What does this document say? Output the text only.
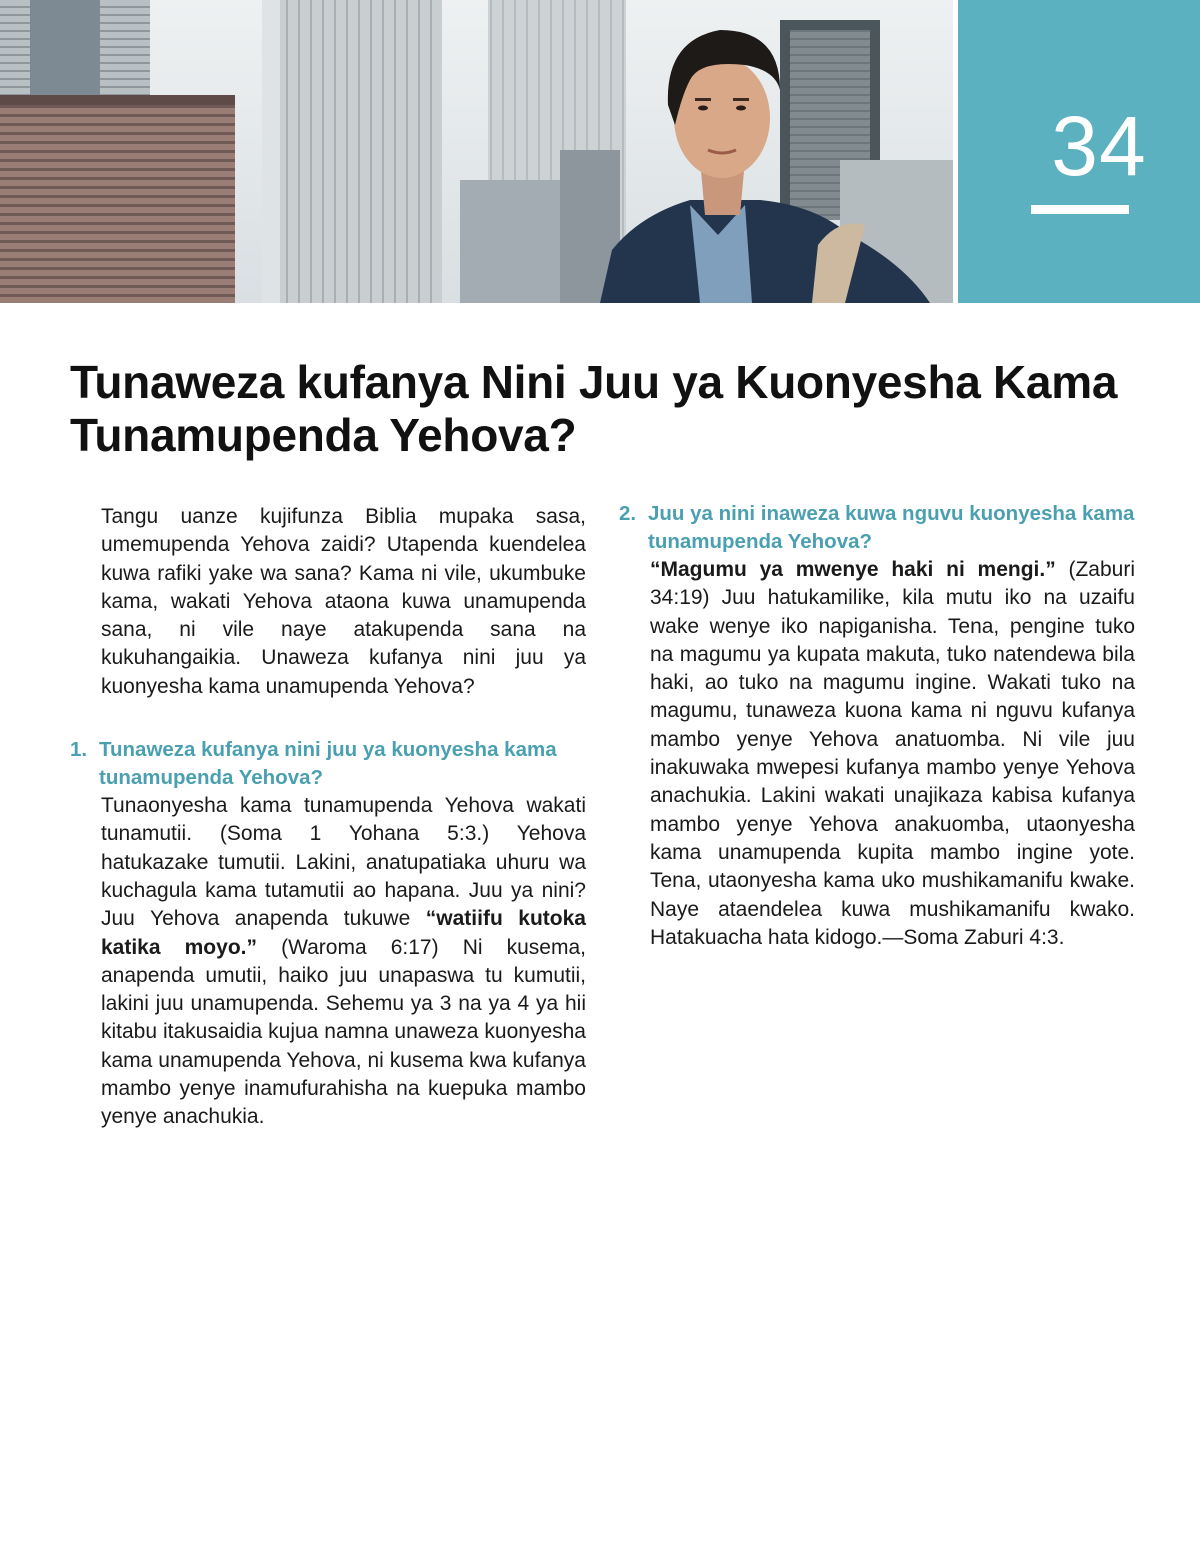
34
Tunaweza kufanya Nini Juu ya Kuonyesha Kama Tunamupenda Yehova?

Tangu uanze kujifunza Biblia mupaka sasa, umemupenda Yehova zaidi? Utapenda kuendelea kuwa rafiki yake wa sana? Kama ni vile, ukumbuke kama, wakati Yehova ataona kuwa unamupenda sana, ni vile naye atakupenda sana na kukuhangaikia. Unaweza kufanya nini juu ya kuonyesha kama unamupenda Yehova?

1. Tunaweza kufanya nini juu ya kuonyesha kama tunamupenda Yehova?

Tunaonyesha kama tunamupenda Yehova wakati tunamutii. (Soma 1 Yohana 5:3.) Yehova hatukazake tumutii. Lakini, anatupatiaka uhuru wa kuchagula kama tutamutii ao hapana. Juu ya nini? Juu Yehova anapenda tukuwe “watiifu kutoka katika moyo.” (Waroma 6:17) Ni kusema, anapenda umutii, haiko juu unapaswa tu kumutii, lakini juu unamupenda. Sehemu ya 3 na ya 4 ya hii kitabu itakusaidia kujua namna unaweza kuonyesha kama unamupenda Yehova, ni kusema kwa kufanya mambo yenye inamufurahisha na kuepuka mambo yenye anachukia.

2. Juu ya nini inaweza kuwa nguvu kuonyesha kama tunamupenda Yehova?

“Magumu ya mwenye haki ni mengi.” (Zaburi 34:19) Juu hatukamilike, kila mutu iko na uzaifu wake wenye iko napiganisha. Tena, pengine tuko na magumu ya kupata makuta, tuko natendewa bila haki, ao tuko na magumu ingine. Wakati tuko na magumu, tunaweza kuona kama ni nguvu kufanya mambo yenye Yehova anatuomba. Ni vile juu inakuwaka mwepesi kufanya mambo yenye Yehova anachukia. Lakini wakati unajikaza kabisa kufanya mambo yenye Yehova anakuomba, utaonyesha kama unamupenda kupita mambo ingine yote. Tena, utaonyesha kama uko mushikamanifu kwake. Naye ataendelea kuwa mushikamanifu kwako. Hatakuacha hata kidogo.—Soma Zaburi 4:3.
